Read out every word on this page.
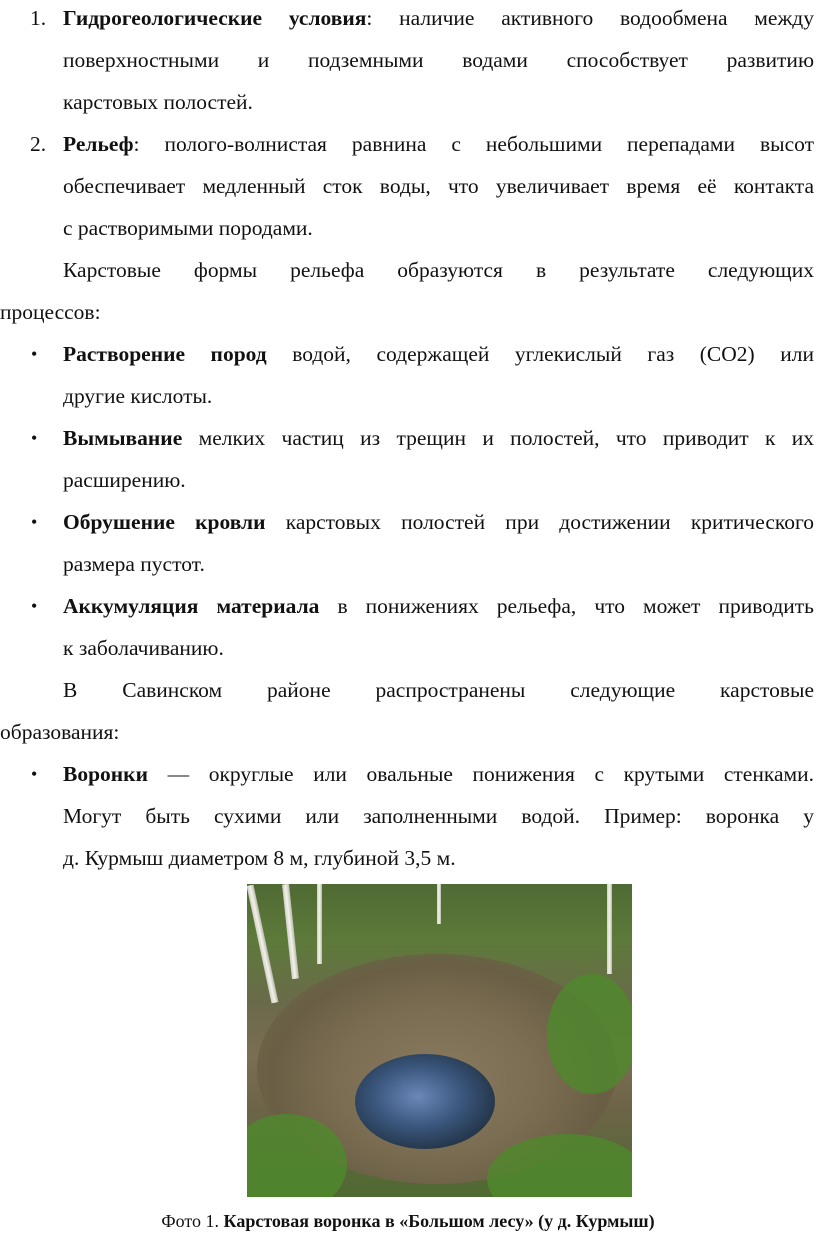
1. Гидрогеологические условия: наличие активного водообмена между
поверхностными и подземными водами способствует развитию
карстовых полостей.
2. Рельеф: полого-волнистая равнина с небольшими перепадами высот
обеспечивает медленный сток воды, что увеличивает время её контакта
с растворимыми породами.
Карстовые формы рельефа образуются в результате следующих
процессов:
• Растворение пород водой, содержащей углекислый газ (CO2) или
другие кислоты.
• Вымывание мелких частиц из трещин и полостей, что приводит к их
расширению.
• Обрушение кровли карстовых полостей при достижении критического
размера пустот.
• Аккумуляция материала в понижениях рельефа, что может приводить
к заболачиванию.
В Савинском районе распространены следующие карстовые
образования:
• Воронки — округлые или овальные понижения с крутыми стенками.
Могут быть сухими или заполненными водой. Пример: воронка у
д. Курмыш диаметром 8 м, глубиной 3,5 м.
Фото 1. Карстовая воронка в «Большом лесу» (у д. Курмыш)
